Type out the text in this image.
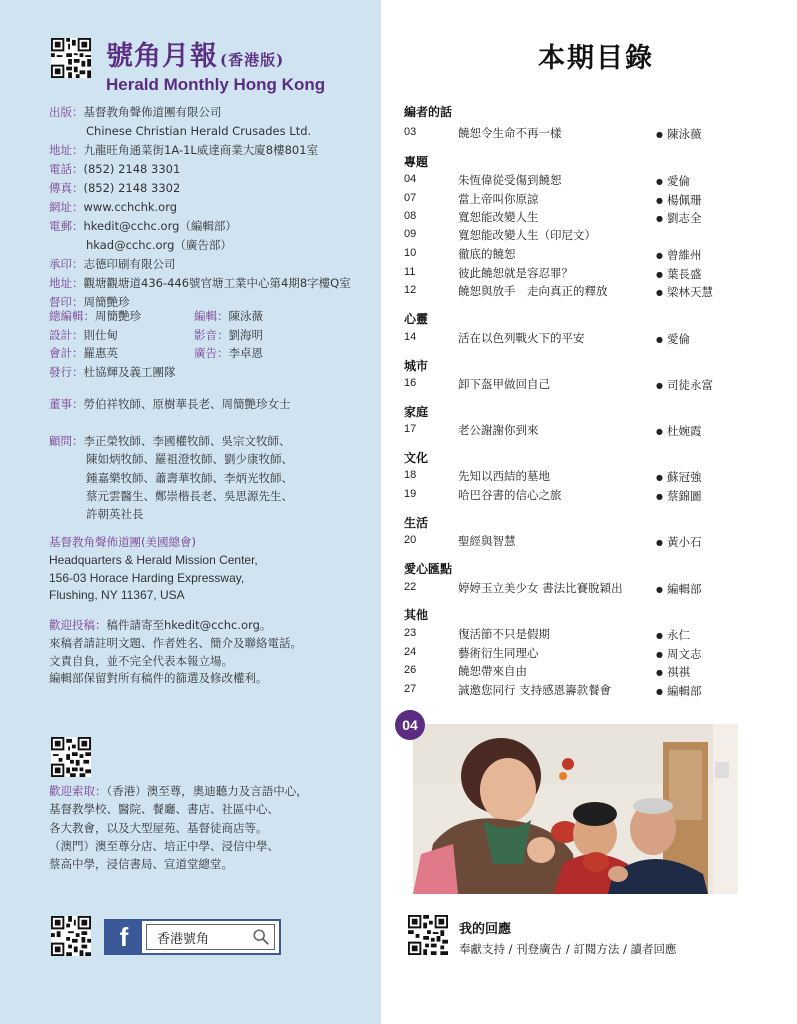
號角月報 (香港版)
Herald Monthly Hong Kong
出版：基督教角聲佈道團有限公司
Chinese Christian Herald Crusades Ltd.
地址：九龍旺角通菜街1A-1L威達商業大廈8樓801室
電話：(852) 2148 3301
傳真：(852) 2148 3302
網址：www.cchchk.org
電郵：hkedit@cchc.org（編輯部）
hkad@cchc.org（廣告部）
承印：志德印刷有限公司
地址：觀塘觀塘道436-446號官塘工業中心第4期8字樓Q室
督印：周簡艷珍
總編輯：周簡艷珍	編輯：陳泳薇
設計：則仕甸	影音：劉海明
會計：羅惠英	廣告：李卓恩
發行：杜協輝及義工團隊
董事：勞伯祥牧師、原樹華長老、周簡艷珍女士
顧問：李正榮牧師、李國權牧師、吳宗文牧師、
陳如炳牧師、羅祖澄牧師、劉少康牧師、
鍾嘉樂牧師、蕭壽華牧師、李炳光牧師、
蔡元雲醫生、鄭崇楷長老、吳思源先生、
許朝英社長
基督教角聲佈道團(美國總會)
Headquarters & Herald Mission Center,
156-03 Horace Harding Expressway,
Flushing, NY 11367, USA
歡迎投稿：稿件請寄至hkedit@cchc.org。
來稿者請註明文題、作者姓名、簡介及聯絡電話。
文責自負，並不完全代表本報立場。
編輯部保留對所有稿件的篩選及修改權利。
歡迎索取：（香港）澳至尊，奧迪聽力及言語中心，
基督教學校、醫院、餐廳、書店、社區中心、
各大教會，以及大型屋苑、基督徒商店等。
（澳門）澳至尊分店、培正中學、浸信中學、
蔡高中學，浸信書局、宣道堂總堂。
f	香港號角
本期目錄
編者的話
03	饒恕令生命不再一樣	● 陳泳薇
專題
04	朱恆偉從受傷到饒恕	● 愛倫
07	當上帝叫你原諒	● 楊佩珊
08	寬恕能改變人生	● 劉志全
09	寬恕能改變人生（印尼文）
10	徹底的饒恕	● 曾維州
11	彼此饒恕就是容忍罪？	● 葉長盛
12	饒恕與放手　走向真正的釋放	● 梁林天慧
心靈
14	活在以色列戰火下的平安	● 愛倫
城市
16	卸下盔甲做回自己	● 司徒永富
家庭
17	老公謝謝你到來	● 杜婉霞
文化
18	先知以西結的墓地	● 蘇冠強
19	哈巴谷書的信心之旅	● 蔡錦圖
生活
20	聖經與智慧	● 黃小石
愛心匯點
22	婷婷玉立美少女 書法比賽脫穎出	● 編輯部
其他
23	復活節不只是假期	● 永仁
24	藝術衍生同理心	● 周文志
26	饒恕帶來自由	● 祺祺
27	誠邀您同行 支持感恩籌款餐會	● 編輯部
04
我的回應
奉獻支持 / 刊登廣告 / 訂閱方法 / 讀者回應
